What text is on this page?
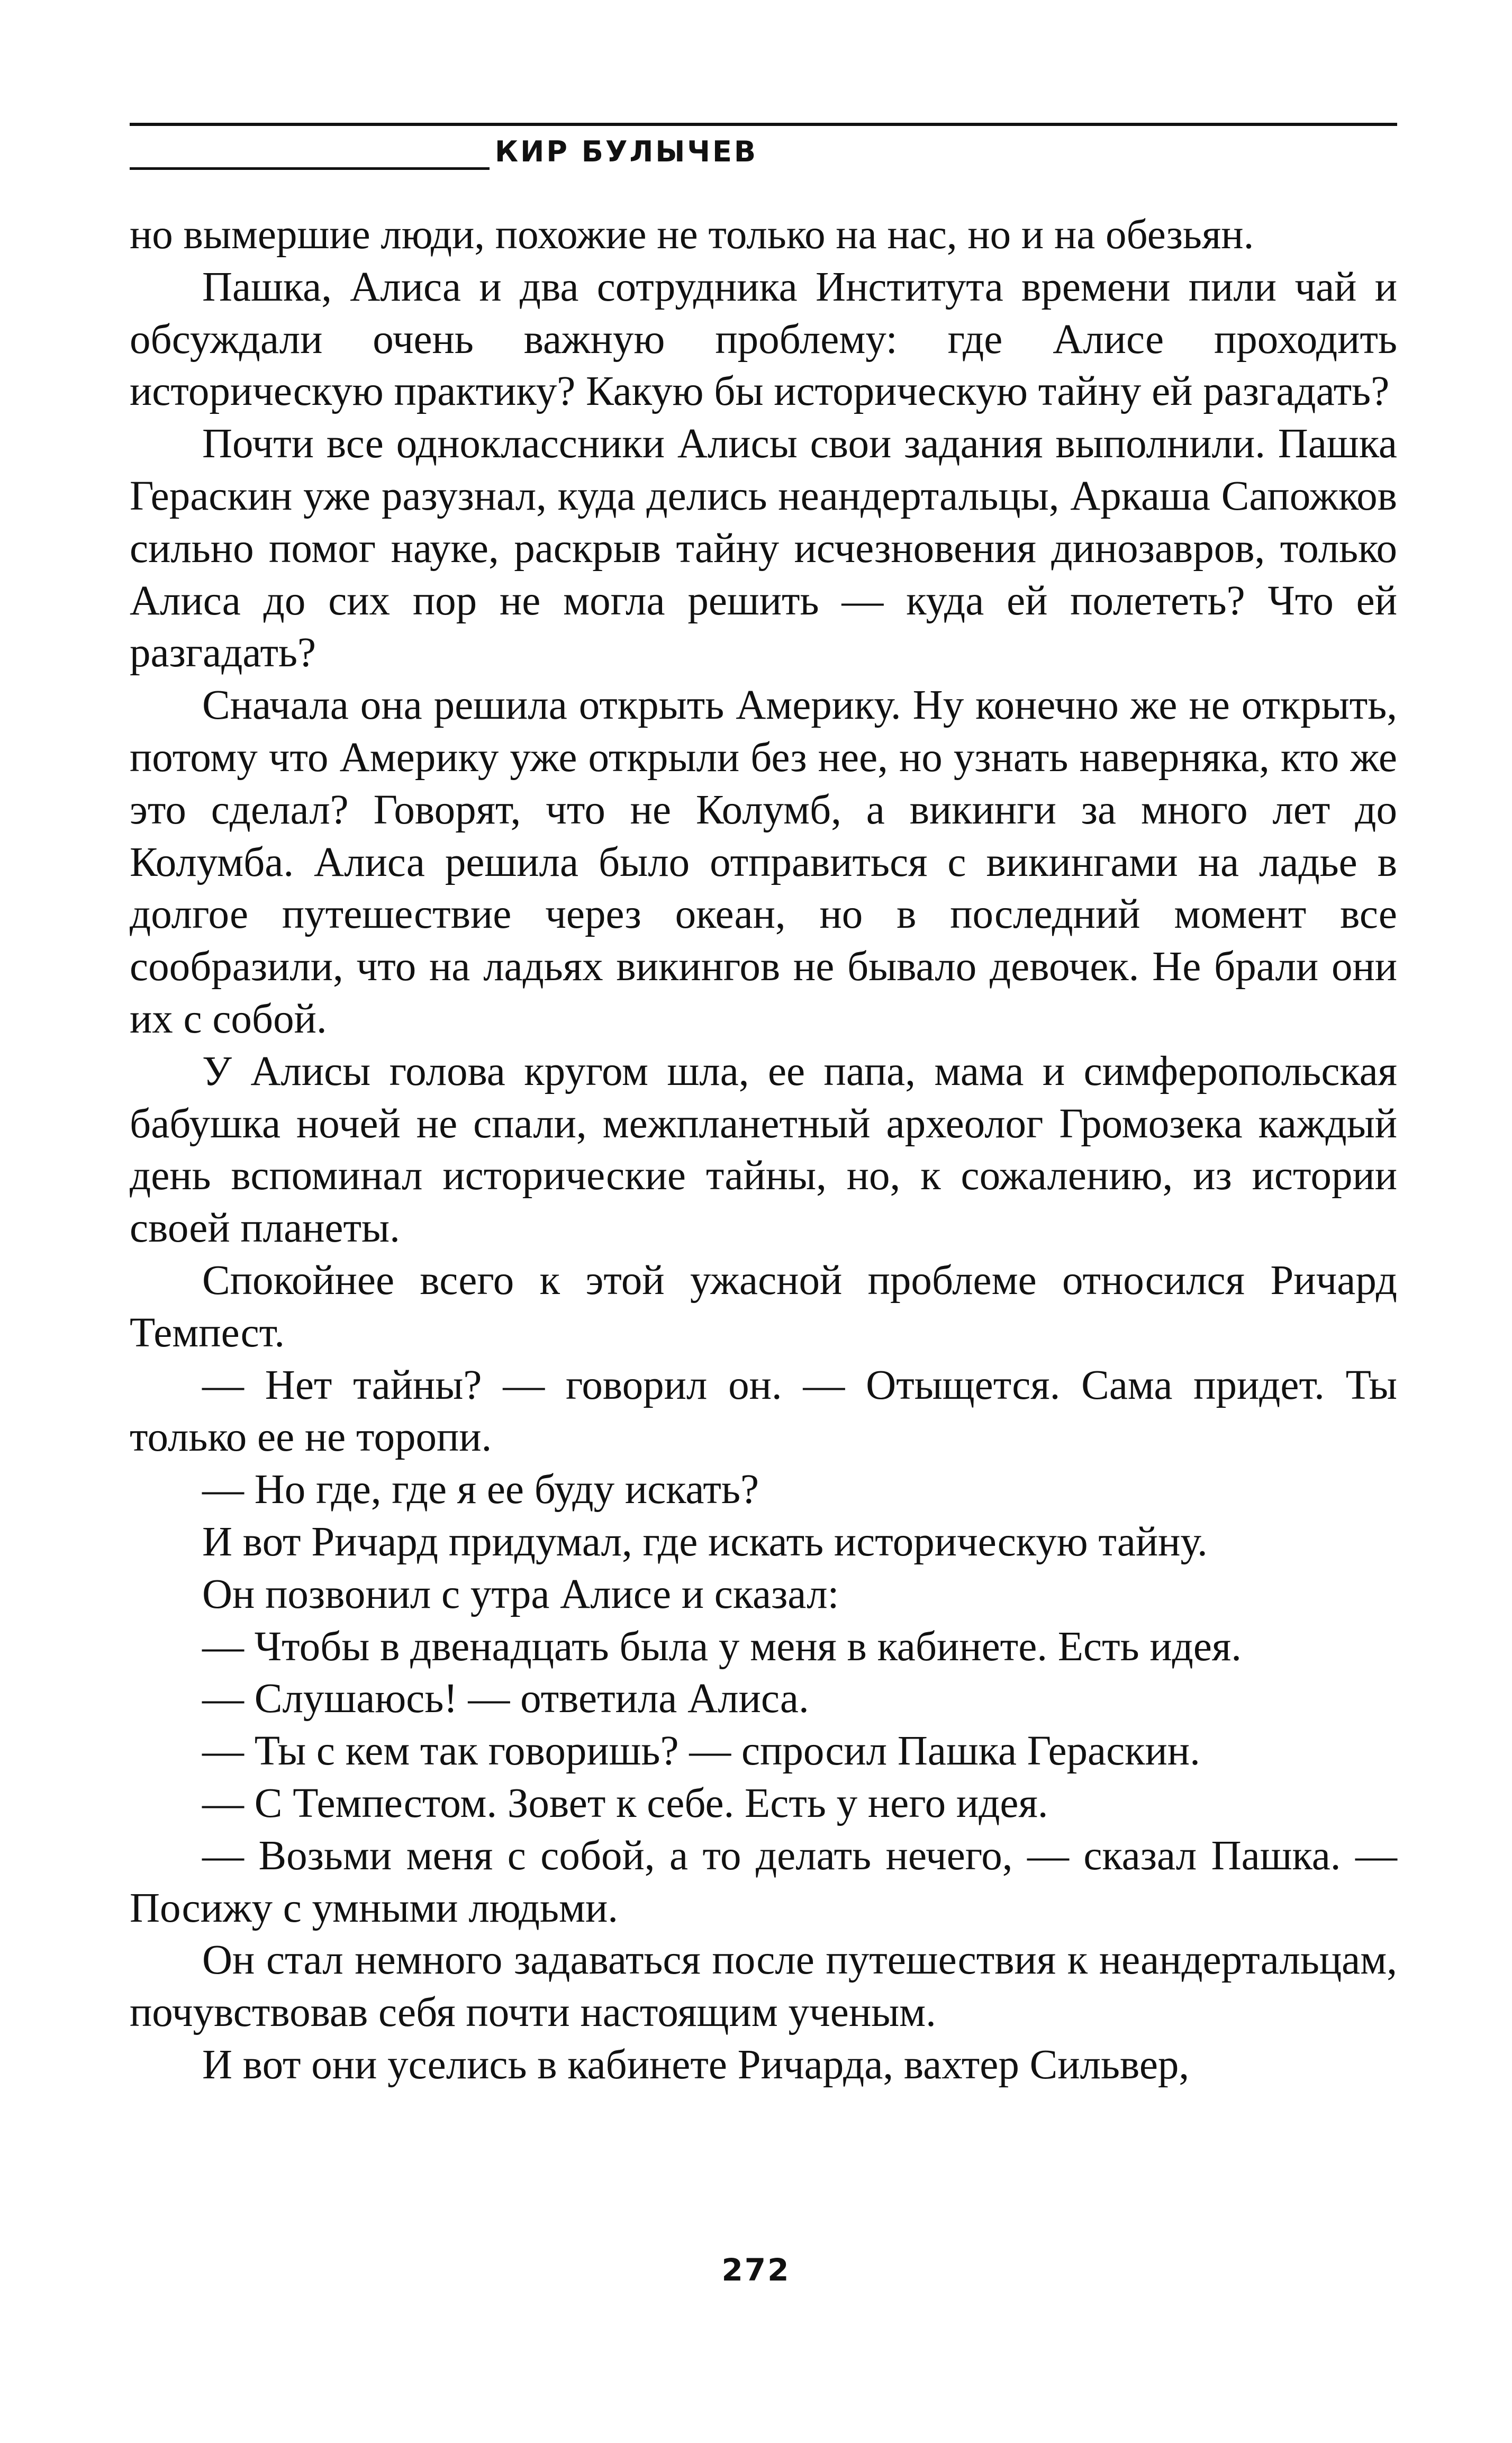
КИР БУЛЫЧЕВ

но вымершие люди, похожие не только на нас, но и на обезьян.

Пашка, Алиса и два сотрудника Института времени пили чай и обсуждали очень важную проблему: где Алисе проходить историческую практику? Какую бы историческую тайну ей разгадать?

Почти все одноклассники Алисы свои задания выполнили. Пашка Гераскин уже разузнал, куда делись неандертальцы, Аркаша Сапожков сильно помог науке, раскрыв тайну исчезновения динозавров, только Алиса до сих пор не могла решить — куда ей полететь? Что ей разгадать?

Сначала она решила открыть Америку. Ну конечно же не открыть, потому что Америку уже открыли без нее, но узнать наверняка, кто же это сделал? Говорят, что не Колумб, а викинги за много лет до Колумба. Алиса решила было отправиться с викингами на ладье в долгое путешествие через океан, но в последний момент все сообразили, что на ладьях викингов не бывало девочек. Не брали они их с собой.

У Алисы голова кругом шла, ее папа, мама и симферопольская бабушка ночей не спали, межпланетный археолог Громозека каждый день вспоминал исторические тайны, но, к сожалению, из истории своей планеты.

Спокойнее всего к этой ужасной проблеме относился Ричард Темпест.

— Нет тайны? — говорил он. — Отыщется. Сама придет. Ты только ее не торопи.

— Но где, где я ее буду искать?

И вот Ричард придумал, где искать историческую тайну.

Он позвонил с утра Алисе и сказал:

— Чтобы в двенадцать была у меня в кабинете. Есть идея.

— Слушаюсь! — ответила Алиса.

— Ты с кем так говоришь? — спросил Пашка Гераскин.

— С Темпестом. Зовет к себе. Есть у него идея.

— Возьми меня с собой, а то делать нечего, — сказал Пашка. — Посижу с умными людьми.

Он стал немного задаваться после путешествия к неандертальцам, почувствовав себя почти настоящим ученым.

И вот они уселись в кабинете Ричарда, вахтер Сильвер,

272
